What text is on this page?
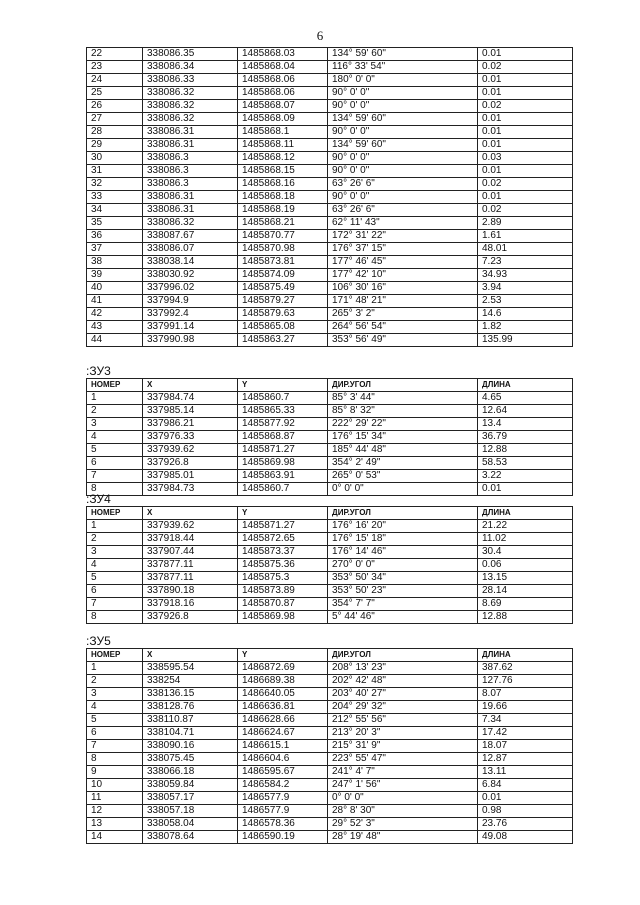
6
22	338086.35	1485868.03	134° 59' 60"	0.01
23	338086.34	1485868.04	116° 33' 54"	0.02
24	338086.33	1485868.06	180° 0' 0"	0.01
25	338086.32	1485868.06	90° 0' 0"	0.01
26	338086.32	1485868.07	90° 0' 0"	0.02
27	338086.32	1485868.09	134° 59' 60"	0.01
28	338086.31	1485868.1	90° 0' 0"	0.01
29	338086.31	1485868.11	134° 59' 60"	0.01
30	338086.3	1485868.12	90° 0' 0"	0.03
31	338086.3	1485868.15	90° 0' 0"	0.01
32	338086.3	1485868.16	63° 26' 6"	0.02
33	338086.31	1485868.18	90° 0' 0"	0.01
34	338086.31	1485868.19	63° 26' 6"	0.02
35	338086.32	1485868.21	62° 11' 43"	2.89
36	338087.67	1485870.77	172° 31' 22"	1.61
37	338086.07	1485870.98	176° 37' 15"	48.01
38	338038.14	1485873.81	177° 46' 45"	7.23
39	338030.92	1485874.09	177° 42' 10"	34.93
40	337996.02	1485875.49	106° 30' 16"	3.94
41	337994.9	1485879.27	171° 48' 21"	2.53
42	337992.4	1485879.63	265° 3' 2"	14.6
43	337991.14	1485865.08	264° 56' 54"	1.82
44	337990.98	1485863.27	353° 56' 49"	135.99
:ЗУ3
НОМЕР	X	Y	ДИР.УГОЛ	ДЛИНА
1	337984.74	1485860.7	85° 3' 44"	4.65
2	337985.14	1485865.33	85° 8' 32"	12.64
3	337986.21	1485877.92	222° 29' 22"	13.4
4	337976.33	1485868.87	176° 15' 34"	36.79
5	337939.62	1485871.27	185° 44' 48"	12.88
6	337926.8	1485869.98	354° 2' 49"	58.53
7	337985.01	1485863.91	265° 0' 53"	3.22
8	337984.73	1485860.7	0° 0' 0"	0.01
:ЗУ4
НОМЕР	X	Y	ДИР.УГОЛ	ДЛИНА
1	337939.62	1485871.27	176° 16' 20"	21.22
2	337918.44	1485872.65	176° 15' 18"	11.02
3	337907.44	1485873.37	176° 14' 46"	30.4
4	337877.11	1485875.36	270° 0' 0"	0.06
5	337877.11	1485875.3	353° 50' 34"	13.15
6	337890.18	1485873.89	353° 50' 23"	28.14
7	337918.16	1485870.87	354° 7' 7"	8.69
8	337926.8	1485869.98	5° 44' 46"	12.88
:ЗУ5
НОМЕР	X	Y	ДИР.УГОЛ	ДЛИНА
1	338595.54	1486872.69	208° 13' 23"	387.62
2	338254	1486689.38	202° 42' 48"	127.76
3	338136.15	1486640.05	203° 40' 27"	8.07
4	338128.76	1486636.81	204° 29' 32"	19.66
5	338110.87	1486628.66	212° 55' 56"	7.34
6	338104.71	1486624.67	213° 20' 3"	17.42
7	338090.16	1486615.1	215° 31' 9"	18.07
8	338075.45	1486604.6	223° 55' 47"	12.87
9	338066.18	1486595.67	241° 4' 7"	13.11
10	338059.84	1486584.2	247° 1' 56"	6.84
11	338057.17	1486577.9	0° 0' 0"	0.01
12	338057.18	1486577.9	28° 8' 30"	0.98
13	338058.04	1486578.36	29° 52' 3"	23.76
14	338078.64	1486590.19	28° 19' 48"	49.08
